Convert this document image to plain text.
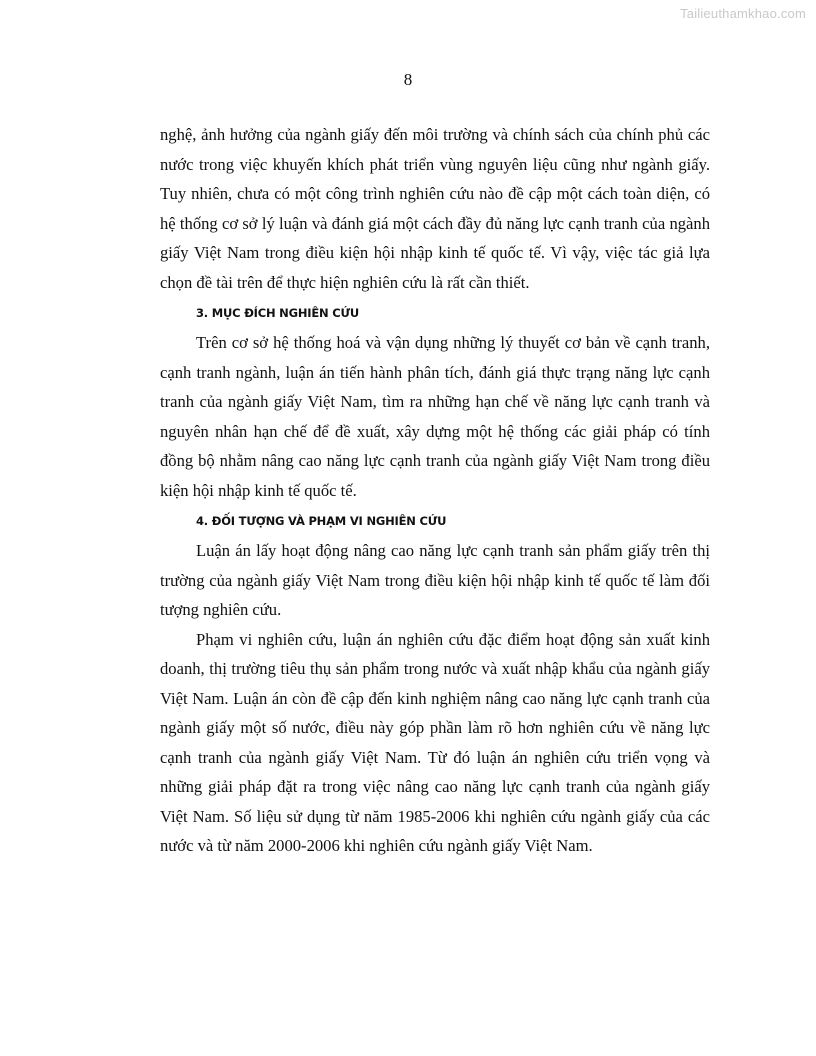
Tailieuthamkhao.com
8

nghệ, ảnh hưởng của ngành giấy đến môi trường và chính sách của chính phủ các nước trong việc khuyến khích phát triển vùng nguyên liệu cũng như ngành giấy. Tuy nhiên, chưa có một công trình nghiên cứu nào đề cập một cách toàn diện, có hệ thống cơ sở lý luận và đánh giá một cách đầy đủ năng lực cạnh tranh của ngành giấy Việt Nam trong điều kiện hội nhập kinh tế quốc tế. Vì vậy, việc tác giả lựa chọn đề tài trên để thực hiện nghiên cứu là rất cần thiết.

3. MỤC ĐÍCH NGHIÊN CỨU

Trên cơ sở hệ thống hoá và vận dụng những lý thuyết cơ bản về cạnh tranh, cạnh tranh ngành, luận án tiến hành phân tích, đánh giá thực trạng năng lực cạnh tranh của ngành giấy Việt Nam, tìm ra những hạn chế về năng lực cạnh tranh và nguyên nhân hạn chế để đề xuất, xây dựng một hệ thống các giải pháp có tính đồng bộ nhằm nâng cao năng lực cạnh tranh của ngành giấy Việt Nam trong điều kiện hội nhập kinh tế quốc tế.

4. ĐỐI TƯỢNG VÀ PHẠM VI NGHIÊN CỨU

Luận án lấy hoạt động nâng cao năng lực cạnh tranh sản phẩm giấy trên thị trường của ngành giấy Việt Nam trong điều kiện hội nhập kinh tế quốc tế làm đối tượng nghiên cứu.

Phạm vi nghiên cứu, luận án nghiên cứu đặc điểm hoạt động sản xuất kinh doanh, thị trường tiêu thụ sản phẩm trong nước và xuất nhập khẩu của ngành giấy Việt Nam. Luận án còn đề cập đến kinh nghiệm nâng cao năng lực cạnh tranh của ngành giấy một số nước, điều này góp phần làm rõ hơn nghiên cứu về năng lực cạnh tranh của ngành giấy Việt Nam. Từ đó luận án nghiên cứu triển vọng và những giải pháp đặt ra trong việc nâng cao năng lực cạnh tranh của ngành giấy Việt Nam. Số liệu sử dụng từ năm 1985-2006 khi nghiên cứu ngành giấy của các nước và từ năm 2000-2006 khi nghiên cứu ngành giấy Việt Nam.
